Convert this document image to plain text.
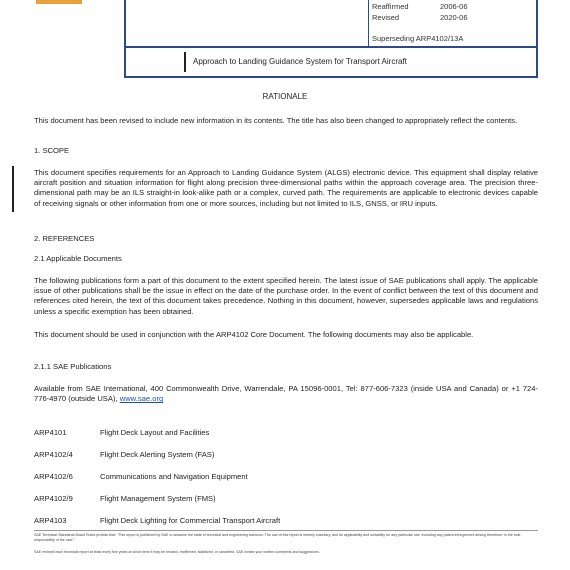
Reaffirmed	2006-06
Revised	2020-06
Superseding ARP4102/13A
Approach to Landing Guidance System for Transport Aircraft
RATIONALE
This document has been revised to include new information in its contents. The title has also been changed to appropriately reflect the contents.
1. SCOPE
This document specifies requirements for an Approach to Landing Guidance System (ALGS) electronic device. This equipment shall display relative aircraft position and situation information for flight along precision three-dimensional paths within the approach coverage area. The precision three-dimensional path may be an ILS straight-in look-alike path or a complex, curved path. The requirements are applicable to electronic devices capable of receiving signals or other information from one or more sources, including but not limited to ILS, GNSS, or IRU inputs.
2. REFERENCES
2.1 Applicable Documents
The following publications form a part of this document to the extent specified herein. The latest issue of SAE publications shall apply. The applicable issue of other publications shall be the issue in effect on the date of the purchase order. In the event of conflict between the text of this document and references cited herein, the text of this document takes precedence. Nothing in this document, however, supersedes applicable laws and regulations unless a specific exemption has been obtained.
This document should be used in conjunction with the ARP4102 Core Document. The following documents may also be applicable.
2.1.1 SAE Publications
Available from SAE International, 400 Commonwealth Drive, Warrendale, PA 15096-0001, Tel: 877-606-7323 (inside USA and Canada) or +1 724-776-4970 (outside USA), www.sae.org
ARP4101	Flight Deck Layout and Facilities
ARP4102/4	Flight Deck Alerting System (FAS)
ARP4102/6	Communications and Navigation Equipment
ARP4102/9	Flight Management System (FMS)
ARP4103	Flight Deck Lighting for Commercial Transport Aircraft
SAE Technical Standards Board Rules provide that: "This report is published by SAE to advance the state of technical and engineering sciences. The use of this report is entirely voluntary, and its applicability and suitability for any particular use, including any patent infringement arising therefrom, is the sole responsibility of the user."
SAE reviews each technical report at least every five years at which time it may be revised, reaffirmed, stabilized, or cancelled. SAE invites your written comments and suggestions.
